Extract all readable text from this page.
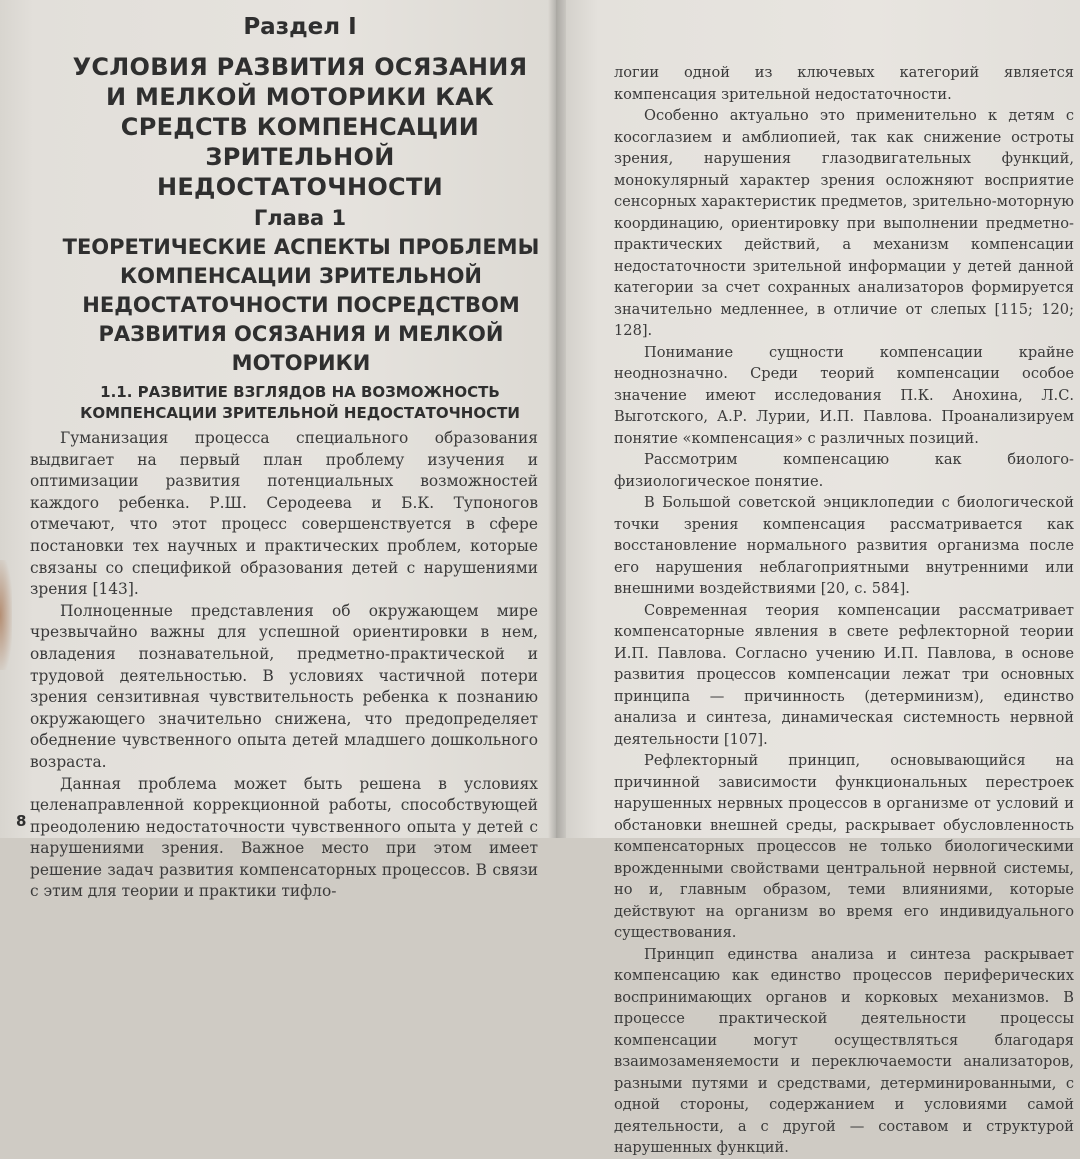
Раздел I
УСЛОВИЯ РАЗВИТИЯ ОСЯЗАНИЯ И МЕЛКОЙ МОТОРИКИ КАК СРЕДСТВ КОМПЕНСАЦИИ ЗРИТЕЛЬНОЙ НЕДОСТАТОЧНОСТИ
Глава 1
ТЕОРЕТИЧЕСКИЕ АСПЕКТЫ ПРОБЛЕМЫ КОМПЕНСАЦИИ ЗРИТЕЛЬНОЙ НЕДОСТАТОЧНОСТИ ПОСРЕДСТВОМ РАЗВИТИЯ ОСЯЗАНИЯ И МЕЛКОЙ МОТОРИКИ
1.1. РАЗВИТИЕ ВЗГЛЯДОВ НА ВОЗМОЖНОСТЬ КОМПЕНСАЦИИ ЗРИТЕЛЬНОЙ НЕДОСТАТОЧНОСТИ

Гуманизация процесса специального образования выдвигает на первый план проблему изучения и оптимизации развития потенциальных возможностей каждого ребенка. Р.Ш. Серодеева и Б.К. Тупоногов отмечают, что этот процесс совершенствуется в сфере постановки тех научных и практических проблем, которые связаны со спецификой образования детей с нарушениями зрения [143].

Полноценные представления об окружающем мире чрезвычайно важны для успешной ориентировки в нем, овладения познавательной, предметно-практической и трудовой деятельностью. В условиях частичной потери зрения сензитивная чувствительность ребенка к познанию окружающего значительно снижена, что предопределяет обеднение чувственного опыта детей младшего дошкольного возраста.

Данная проблема может быть решена в условиях целенаправленной коррекционной работы, способствующей преодолению недостаточности чувственного опыта у детей с нарушениями зрения. Важное место при этом имеет решение задач развития компенсаторных процессов. В связи с этим для теории и практики тифло-

8

логии одной из ключевых категорий является компенсация зрительной недостаточности.

Особенно актуально это применительно к детям с косоглазием и амблиопией, так как снижение остроты зрения, нарушения глазодвигательных функций, монокулярный характер зрения осложняют восприятие сенсорных характеристик предметов, зрительно-моторную координацию, ориентировку при выполнении предметно-практических действий, а механизм компенсации недостаточности зрительной информации у детей данной категории за счет сохранных анализаторов формируется значительно медленнее, в отличие от слепых [115; 120; 128].

Понимание сущности компенсации крайне неоднозначно. Среди теорий компенсации особое значение имеют исследования П.К. Анохина, Л.С. Выготского, А.Р. Лурии, И.П. Павлова. Проанализируем понятие «компенсация» с различных позиций.

Рассмотрим компенсацию как биолого-физиологическое понятие.

В Большой советской энциклопедии с биологической точки зрения компенсация рассматривается как восстановление нормального развития организма после его нарушения неблагоприятными внутренними или внешними воздействиями [20, с. 584].

Современная теория компенсации рассматривает компенсаторные явления в свете рефлекторной теории И.П. Павлова. Согласно учению И.П. Павлова, в основе развития процессов компенсации лежат три основных принципа — причинность (детерминизм), единство анализа и синтеза, динамическая системность нервной деятельности [107].

Рефлекторный принцип, основывающийся на причинной зависимости функциональных перестроек нарушенных нервных процессов в организме от условий и обстановки внешней среды, раскрывает обусловленность компенсаторных процессов не только биологическими врожденными свойствами центральной нервной системы, но и, главным образом, теми влияниями, которые действуют на организм во время его индивидуального существования.

Принцип единства анализа и синтеза раскрывает компенсацию как единство процессов периферических воспринимающих органов и корковых механизмов. В процессе практической деятельности процессы компенсации могут осуществляться благодаря взаимозаменяемости и переключаемости анализаторов, разными путями и средствами, детерминированными, с одной стороны, содержанием и условиями самой деятельности, а с другой — составом и структурой нарушенных функций.
